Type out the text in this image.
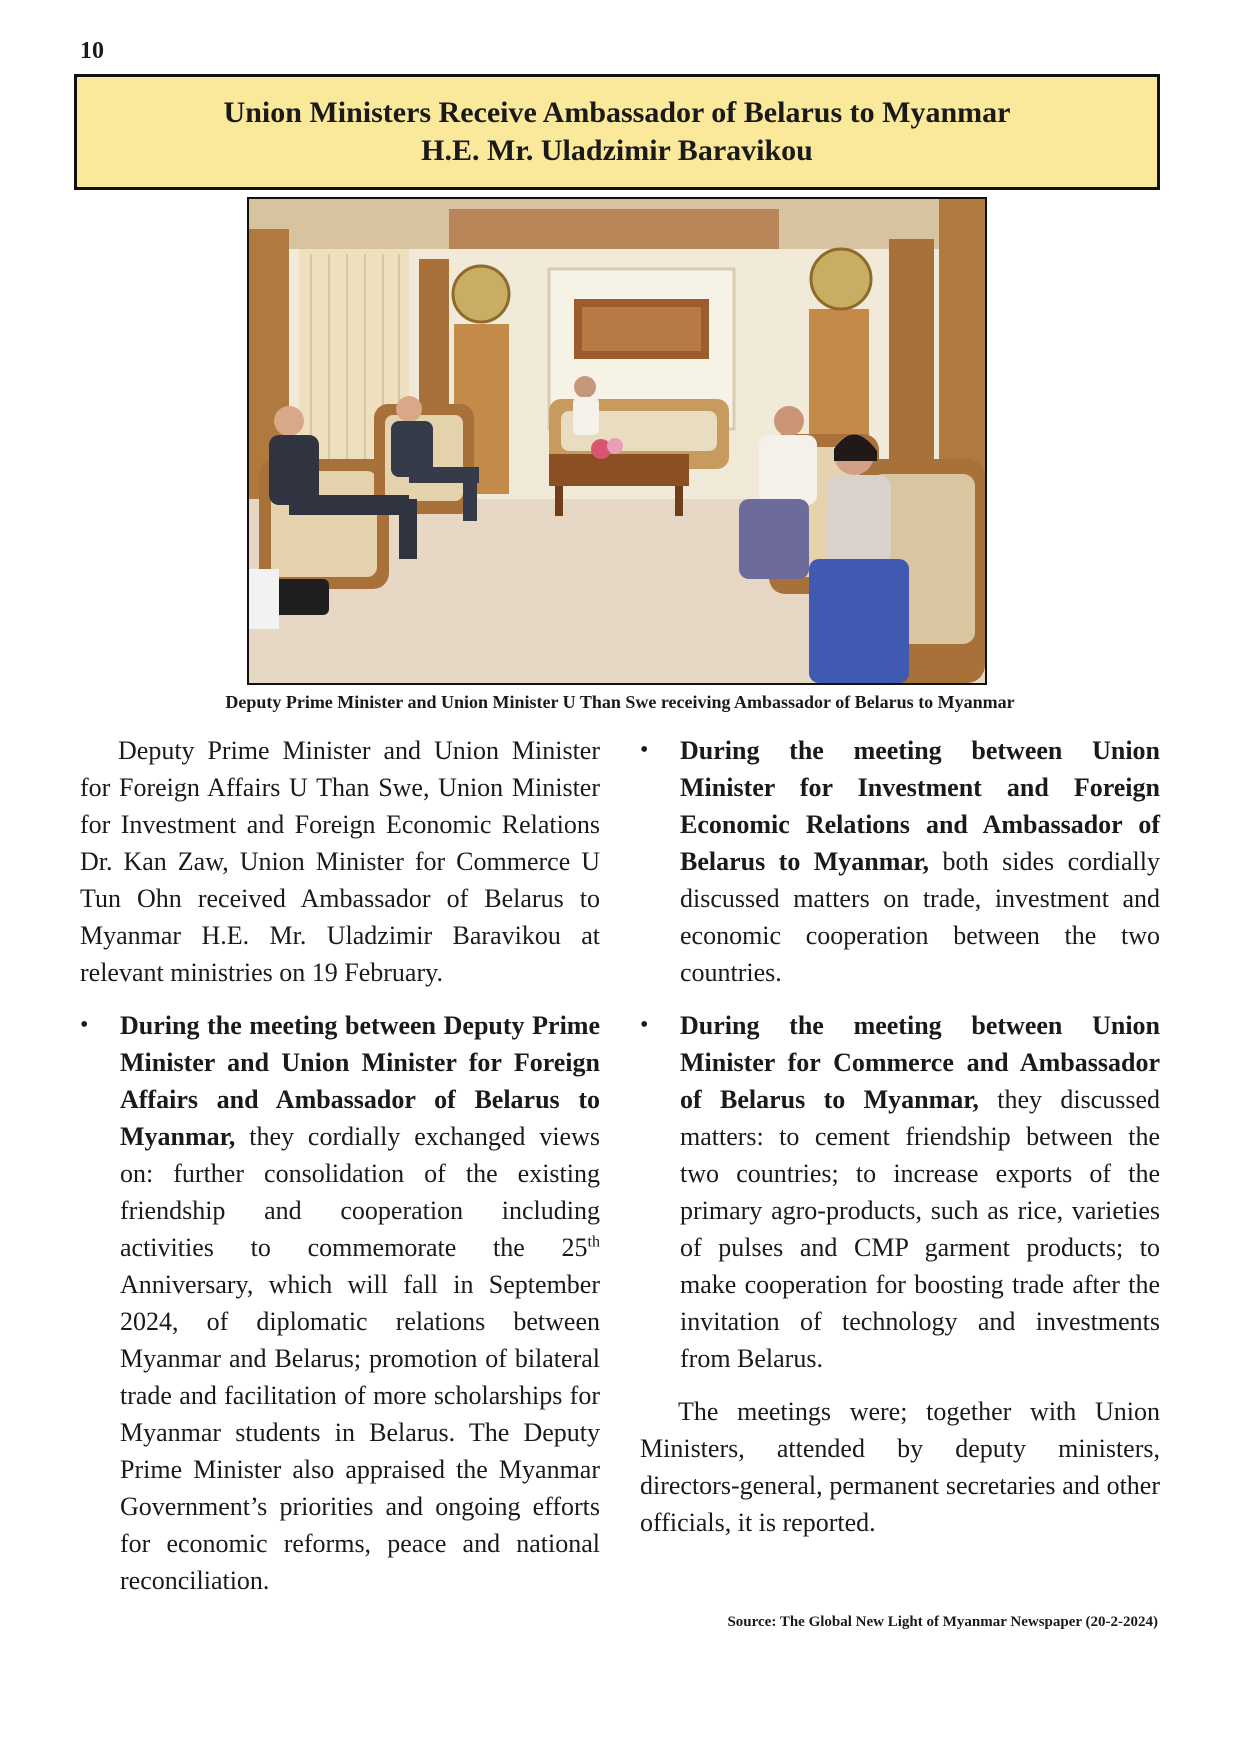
10
Union Ministers Receive Ambassador of Belarus to Myanmar
H.E. Mr. Uladzimir Baravikou
Deputy Prime Minister and Union Minister U Than Swe receiving Ambassador of Belarus to Myanmar

Deputy Prime Minister and Union Minister for Foreign Affairs U Than Swe, Union Minister for Investment and Foreign Economic Relations Dr. Kan Zaw, Union Minister for Commerce U Tun Ohn received Ambassador of Belarus to Myanmar H.E. Mr. Uladzimir Baravikou at relevant ministries on 19 February.

•	During the meeting between Deputy Prime Minister and Union Minister for Foreign Affairs and Ambassador of Belarus to Myanmar, they cordially exchanged views on: further consolidation of the existing friendship and cooperation including activities to commemorate the 25th Anniversary, which will fall in September 2024, of diplomatic relations between Myanmar and Belarus; promotion of bilateral trade and facilitation of more scholarships for Myanmar students in Belarus. The Deputy Prime Minister also appraised the Myanmar Government’s priorities and ongoing efforts for economic reforms, peace and national reconciliation.
•	During the meeting between Union Minister for Investment and Foreign Economic Relations and Ambassador of Belarus to Myanmar, both sides cordially discussed matters on trade, investment and economic cooperation between the two countries.
•	During the meeting between Union Minister for Commerce and Ambassador of Belarus to Myanmar, they discussed matters: to cement friendship between the two countries; to increase exports of the primary agro-products, such as rice, varieties of pulses and CMP garment products; to make cooperation for boosting trade after the invitation of technology and investments from Belarus.

The meetings were; together with Union Ministers, attended by deputy ministers, directors-general, permanent secretaries and other officials, it is reported.

Source: The Global New Light of Myanmar Newspaper (20-2-2024)
